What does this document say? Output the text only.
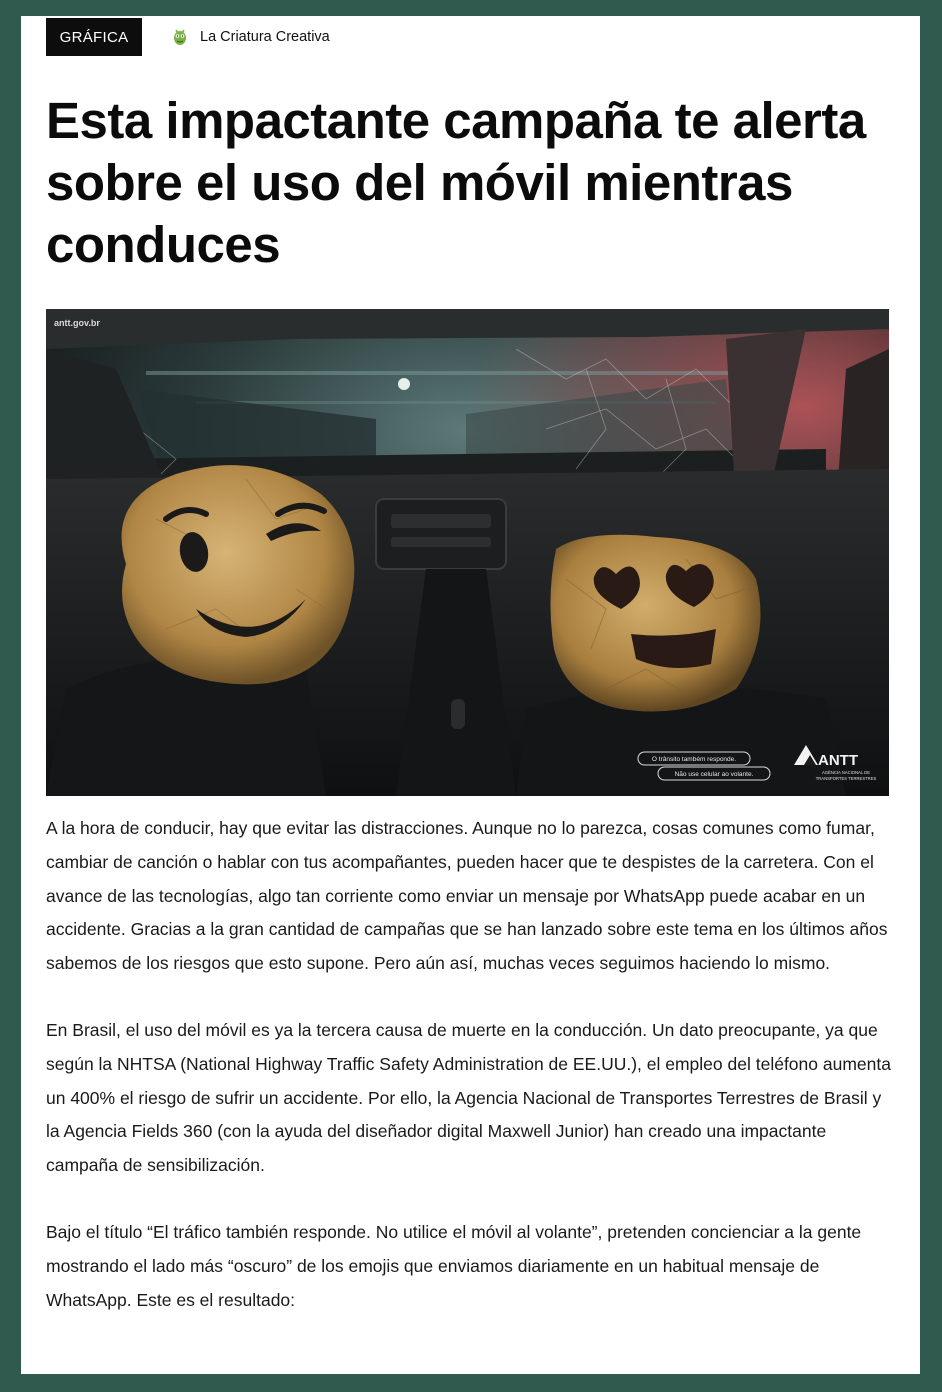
GRÁFICA	La Criatura Creativa
Esta impactante campaña te alerta sobre el uso del móvil mientras conduces
antt.gov.br
O trânsito também responde.
Não use celular ao volante.
ANTT
AGÊNCIA NACIONAL DE
TRANSPORTES TERRESTRES

A la hora de conducir, hay que evitar las distracciones. Aunque no lo parezca, cosas comunes como fumar, cambiar de canción o hablar con tus acompañantes, pueden hacer que te despistes de la carretera. Con el avance de las tecnologías, algo tan corriente como enviar un mensaje por WhatsApp puede acabar en un accidente. Gracias a la gran cantidad de campañas que se han lanzado sobre este tema en los últimos años sabemos de los riesgos que esto supone. Pero aún así, muchas veces seguimos haciendo lo mismo.

En Brasil, el uso del móvil es ya la tercera causa de muerte en la conducción. Un dato preocupante, ya que según la NHTSA (National Highway Traffic Safety Administration de EE.UU.), el empleo del teléfono aumenta un 400% el riesgo de sufrir un accidente. Por ello, la Agencia Nacional de Transportes Terrestres de Brasil y la Agencia Fields 360 (con la ayuda del diseñador digital Maxwell Junior) han creado una impactante campaña de sensibilización.

Bajo el título “El tráfico también responde. No utilice el móvil al volante”, pretenden concienciar a la gente mostrando el lado más “oscuro” de los emojis que enviamos diariamente en un habitual mensaje de WhatsApp. Este es el resultado:
